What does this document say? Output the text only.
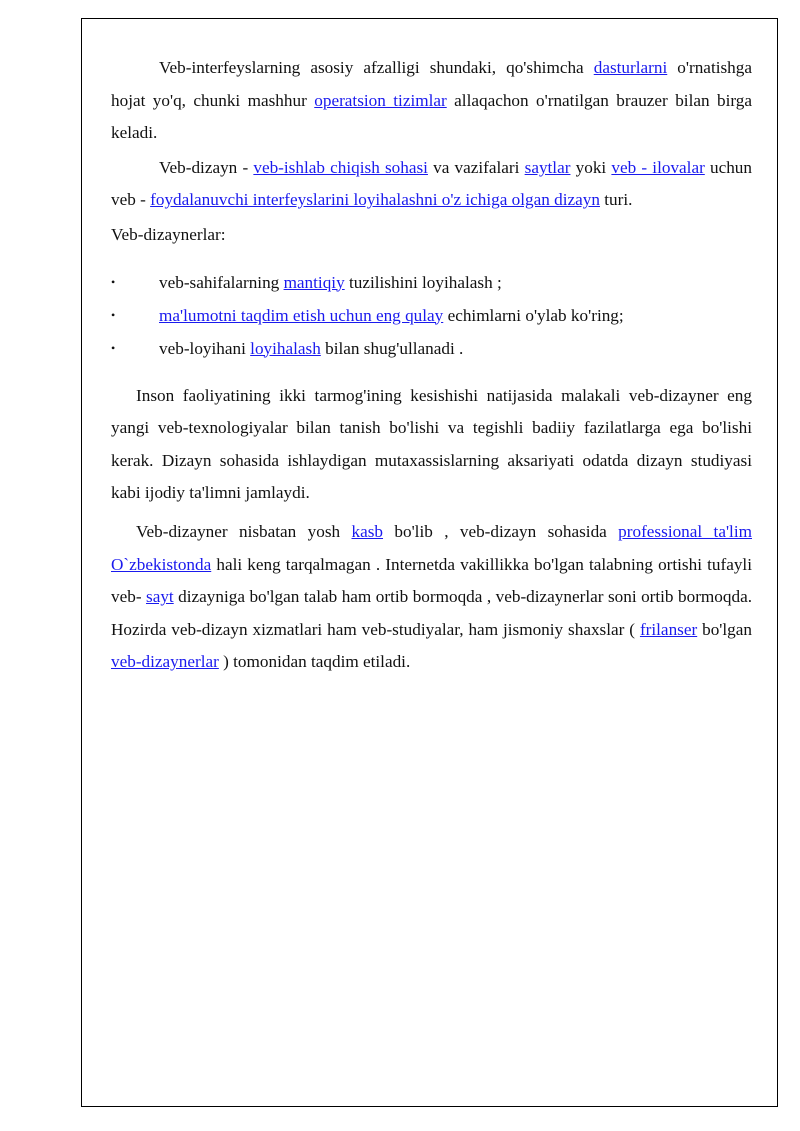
Veb-interfeyslarning asosiy afzalligi shundaki, qo'shimcha dasturlarni o'rnatishga hojat yo'q, chunki mashhur operatsion tizimlar allaqachon o'rnatilgan brauzer bilan birga keladi.

Veb-dizayn - veb-ishlab chiqish sohasi va vazifalari saytlar yoki veb - ilovalar uchun veb - foydalanuvchi interfeyslarini loyihalashni o'z ichiga olgan dizayn turi.

Veb-dizaynerlar:

•	veb-sahifalarning mantiqiy tuzilishini loyihalash ;
•	ma'lumotni taqdim etish uchun eng qulay echimlarni o'ylab ko'ring;
•	veb-loyihani loyihalash bilan shug'ullanadi .

Inson faoliyatining ikki tarmog'ining kesishishi natijasida malakali veb-dizayner eng yangi veb-texnologiyalar bilan tanish bo'lishi va tegishli badiiy fazilatlarga ega bo'lishi kerak. Dizayn sohasida ishlaydigan mutaxassislarning aksariyati odatda dizayn studiyasi kabi ijodiy ta'limni jamlaydi.

Veb-dizayner nisbatan yosh kasb bo'lib , veb-dizayn sohasida professional ta'lim O`zbekistonda hali keng tarqalmagan . Internetda vakillikka bo'lgan talabning ortishi tufayli veb- sayt dizayniga bo'lgan talab ham ortib bormoqda , veb-dizaynerlar soni ortib bormoqda. Hozirda veb-dizayn xizmatlari ham veb-studiyalar, ham jismoniy shaxslar ( frilanser bo'lgan veb-dizaynerlar ) tomonidan taqdim etiladi.
